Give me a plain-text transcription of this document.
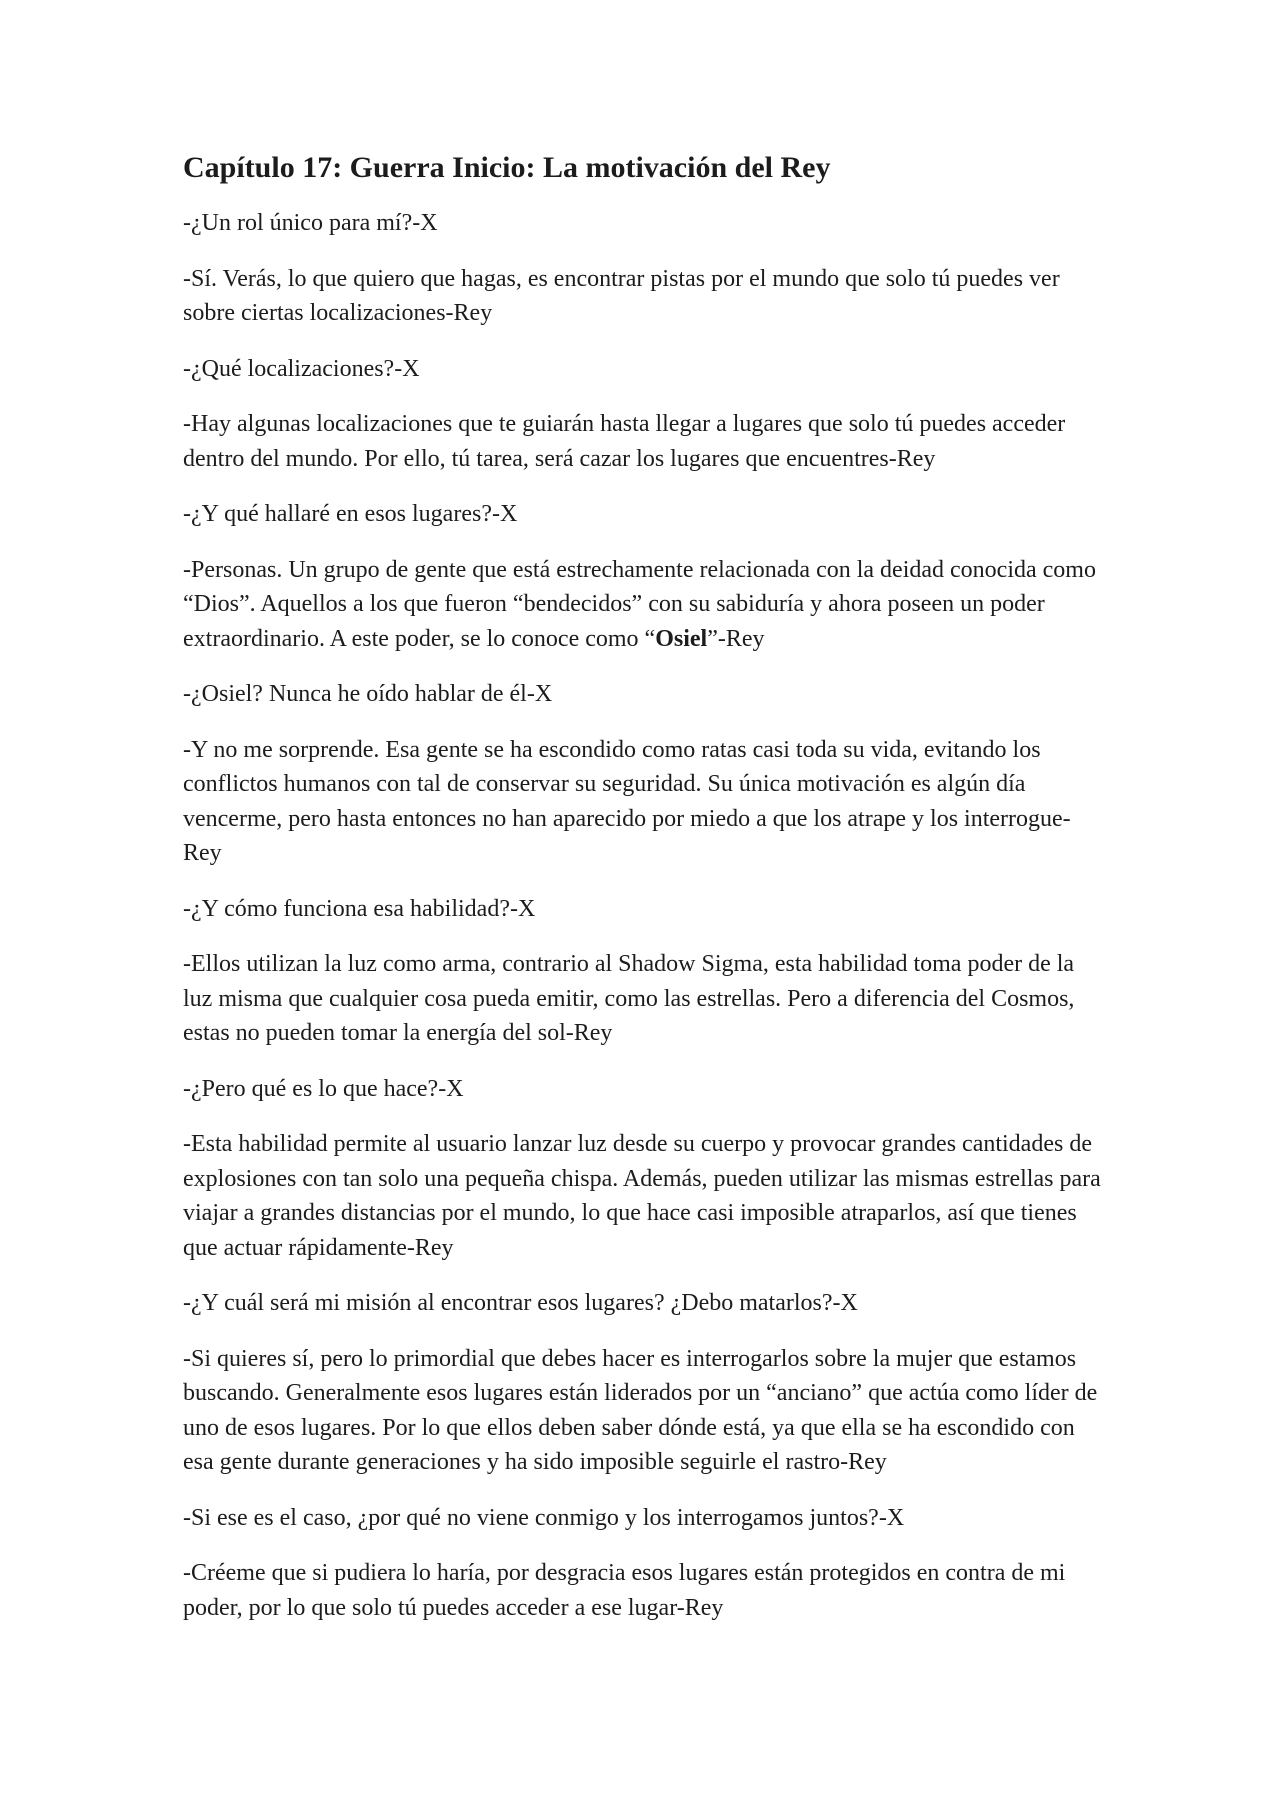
Capítulo 17: Guerra Inicio: La motivación del Rey

-¿Un rol único para mí?-X

-Sí. Verás, lo que quiero que hagas, es encontrar pistas por el mundo que solo tú puedes ver sobre ciertas localizaciones-Rey

-¿Qué localizaciones?-X

-Hay algunas localizaciones que te guiarán hasta llegar a lugares que solo tú puedes acceder dentro del mundo. Por ello, tú tarea, será cazar los lugares que encuentres-Rey

-¿Y qué hallaré en esos lugares?-X

-Personas. Un grupo de gente que está estrechamente relacionada con la deidad conocida como “Dios”. Aquellos a los que fueron “bendecidos” con su sabiduría y ahora poseen un poder extraordinario. A este poder, se lo conoce como “Osiel”-Rey

-¿Osiel? Nunca he oído hablar de él-X

-Y no me sorprende. Esa gente se ha escondido como ratas casi toda su vida, evitando los conflictos humanos con tal de conservar su seguridad. Su única motivación es algún día vencerme, pero hasta entonces no han aparecido por miedo a que los atrape y los interrogue-Rey

-¿Y cómo funciona esa habilidad?-X

-Ellos utilizan la luz como arma, contrario al Shadow Sigma, esta habilidad toma poder de la luz misma que cualquier cosa pueda emitir, como las estrellas. Pero a diferencia del Cosmos, estas no pueden tomar la energía del sol-Rey

-¿Pero qué es lo que hace?-X

-Esta habilidad permite al usuario lanzar luz desde su cuerpo y provocar grandes cantidades de explosiones con tan solo una pequeña chispa. Además, pueden utilizar las mismas estrellas para viajar a grandes distancias por el mundo, lo que hace casi imposible atraparlos, así que tienes que actuar rápidamente-Rey

-¿Y cuál será mi misión al encontrar esos lugares? ¿Debo matarlos?-X

-Si quieres sí, pero lo primordial que debes hacer es interrogarlos sobre la mujer que estamos buscando. Generalmente esos lugares están liderados por un “anciano” que actúa como líder de uno de esos lugares. Por lo que ellos deben saber dónde está, ya que ella se ha escondido con esa gente durante generaciones y ha sido imposible seguirle el rastro-Rey

-Si ese es el caso, ¿por qué no viene conmigo y los interrogamos juntos?-X

-Créeme que si pudiera lo haría, por desgracia esos lugares están protegidos en contra de mi poder, por lo que solo tú puedes acceder a ese lugar-Rey
